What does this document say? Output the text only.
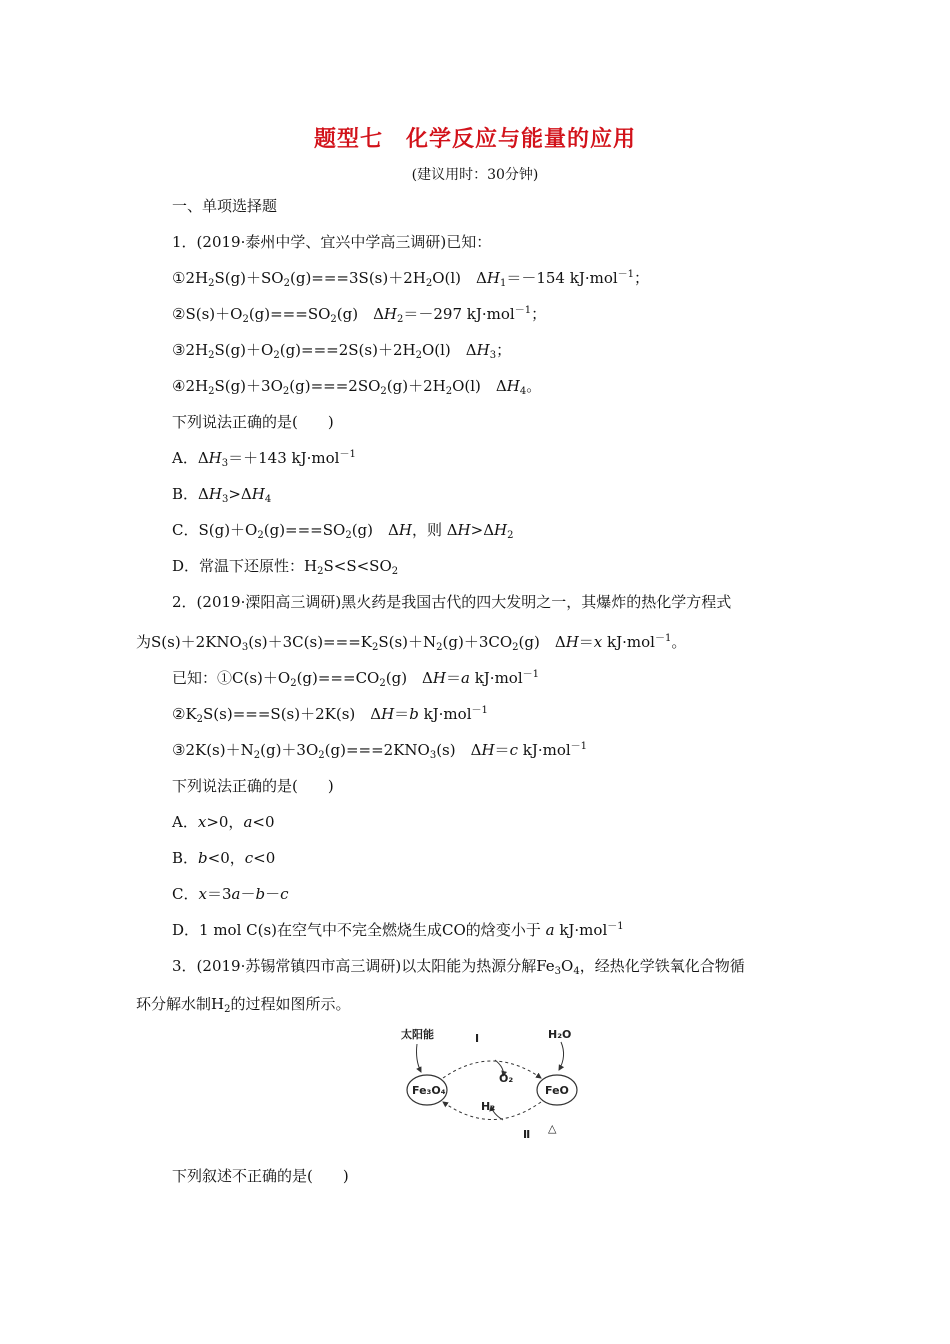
题型七　化学反应与能量的应用
(建议用时：30分钟)
一、单项选择题
1．(2019·泰州中学、宜兴中学高三调研)已知：
$①2H_2S(g)+SO_2(g)===3S(s)+2H_2O(l)$　$\Delta H_1=-154$ kJ·mol$^{-1}$；
$②S(s)+O_2(g)===SO_2(g)$　$\Delta H_2=-297$ kJ·mol$^{-1}$；
$③2H_2S(g)+O_2(g)===2S(s)+2H_2O(l)$　$\Delta H_3$；
$④2H_2S(g)+3O_2(g)===2SO_2(g)+2H_2O(l)$　$\Delta H_4$。
下列说法正确的是(　　)
A．$\Delta H_3=+143$ kJ·mol$^{-1}$
B．$\Delta H_3>\Delta H_4$
C．$S(g)+O_2(g)===SO_2(g)$　ΔH，则 $\Delta H>\Delta H_2$
D．常温下还原性：$H_2S<S<SO_2$
2．(2019·溧阳高三调研)黑火药是我国古代的四大发明之一，其爆炸的热化学方程式
为$S(s)+2KNO_3(s)+3C(s)===K_2S(s)+N_2(g)+3CO_2(g)$　ΔH＝x kJ·mol$^{-1}$。
已知：$①C(s)+O_2(g)===CO_2(g)$　ΔH＝a kJ·mol$^{-1}$
$②K_2S(s)===S(s)+2K(s)$　ΔH＝b kJ·mol$^{-1}$
$③2K(s)+N_2(g)+3O_2(g)===2KNO_3(s)$　ΔH＝c kJ·mol$^{-1}$
下列说法正确的是(　　)
A．x>0，a<0
B．b<0，c<0
C．x＝3a－b－c
D．1 mol C(s)在空气中不完全燃烧生成CO的焓变小于 a kJ·mol$^{-1}$
3．(2019·苏锡常镇四市高三调研)以太阳能为热源分解$Fe_3O_4$，经热化学铁氧化合物循
环分解水制$H_2$的过程如图所示。
太阳能	I	H₂O
O₂
Fe₃O₄	FeO
H₂
Ⅱ △
下列叙述不正确的是(　　)
